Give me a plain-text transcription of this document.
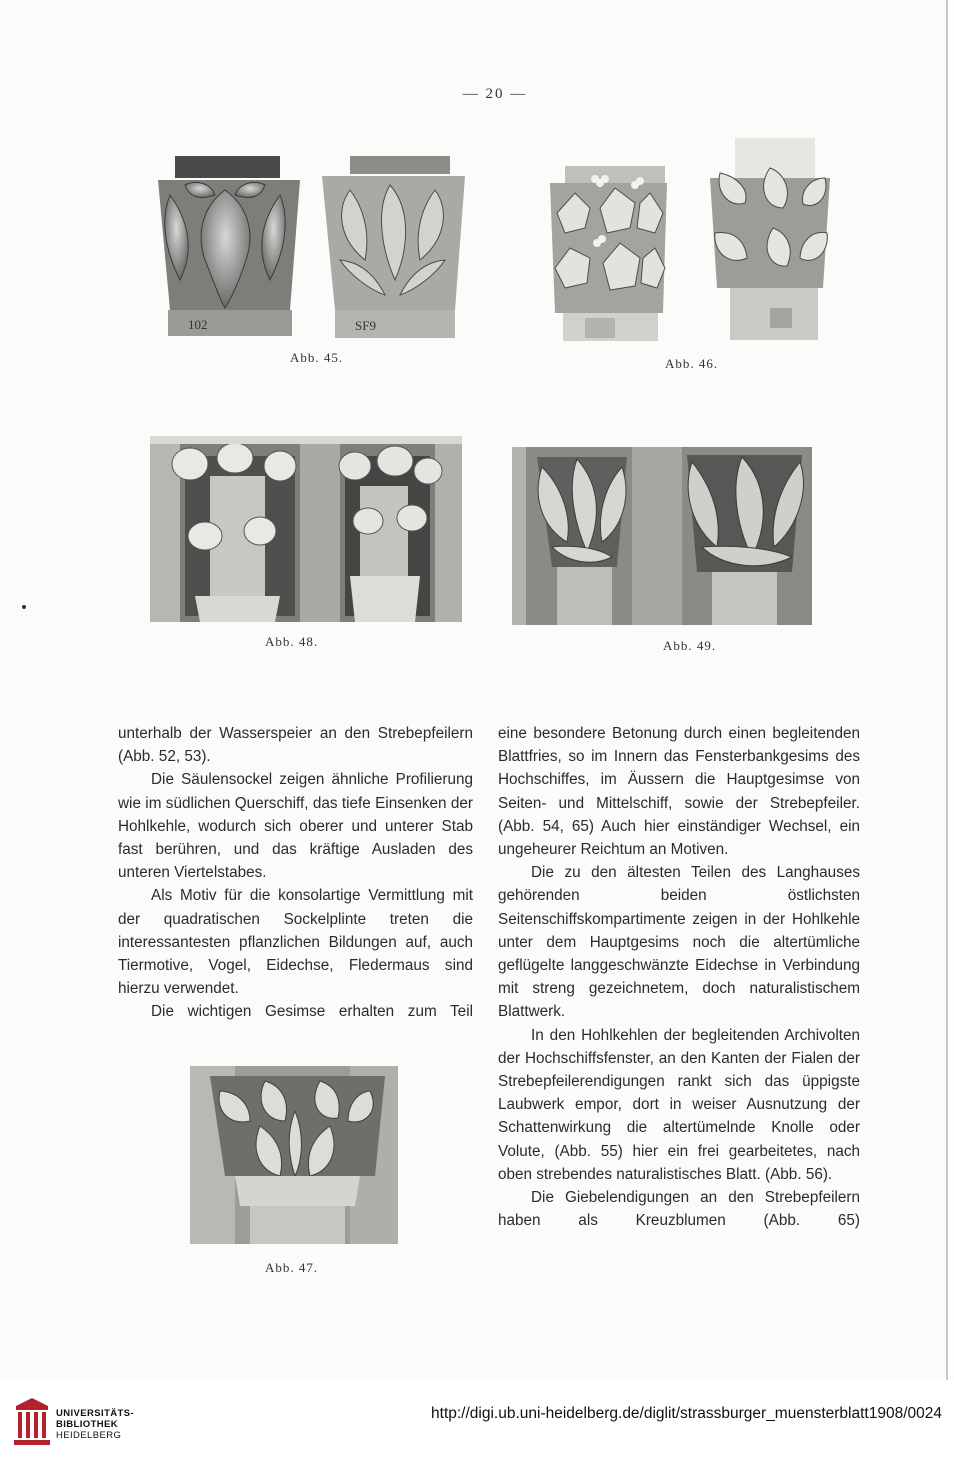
— 20 —
102	SF9
Abb. 45.	Abb. 46.
Abb. 48.	Abb. 49.

unterhalb der Wasserspeier an den Strebepfeilern (Abb. 52, 53).

Die Säulensockel zeigen ähnliche Profilierung wie im südlichen Querschiff, das tiefe Einsenken der Hohlkehle, wodurch sich oberer und unterer Stab fast berühren, und das kräftige Ausladen des unteren Viertelstabes.

Als Motiv für die konsolartige Vermittlung mit der quadratischen Sockelplinte treten die interessantesten pflanzlichen Bildungen auf, auch Tiermotive, Vogel, Eidechse, Fledermaus sind hierzu verwendet.

Die wichtigen Gesimse erhalten zum Teil

Abb. 47.

eine besondere Betonung durch einen begleitenden Blattfries, so im Innern das Fensterbankgesims des Hochschiffes, im Äussern die Hauptgesimse von Seiten- und Mittelschiff, sowie der Strebepfeiler. (Abb. 54, 65) Auch hier einständiger Wechsel, ein ungeheurer Reichtum an Motiven.

Die zu den ältesten Teilen des Langhauses gehörenden beiden östlichsten Seitenschiffskompartimente zeigen in der Hohlkehle unter dem Hauptgesims noch die altertümliche geflügelte langgeschwänzte Eidechse in Verbindung mit streng gezeichnetem, doch naturalistischem Blattwerk.

In den Hohlkehlen der begleitenden Archivolten der Hochschiffsfenster, an den Kanten der Fialen der Strebepfeilerendigungen rankt sich das üppigste Laubwerk empor, dort in weiser Ausnutzung der Schattenwirkung die altertümelnde Knolle oder Volute, (Abb. 55) hier ein frei gearbeitetes, nach oben strebendes naturalistisches Blatt. (Abb. 56).

Die Giebelendigungen an den Strebepfeilern haben als Kreuzblumen (Abb. 65)

UNIVERSITÄTS-
BIBLIOTHEK
HEIDELBERG
http://digi.ub.uni-heidelberg.de/diglit/strassburger_muensterblatt1908/0024
